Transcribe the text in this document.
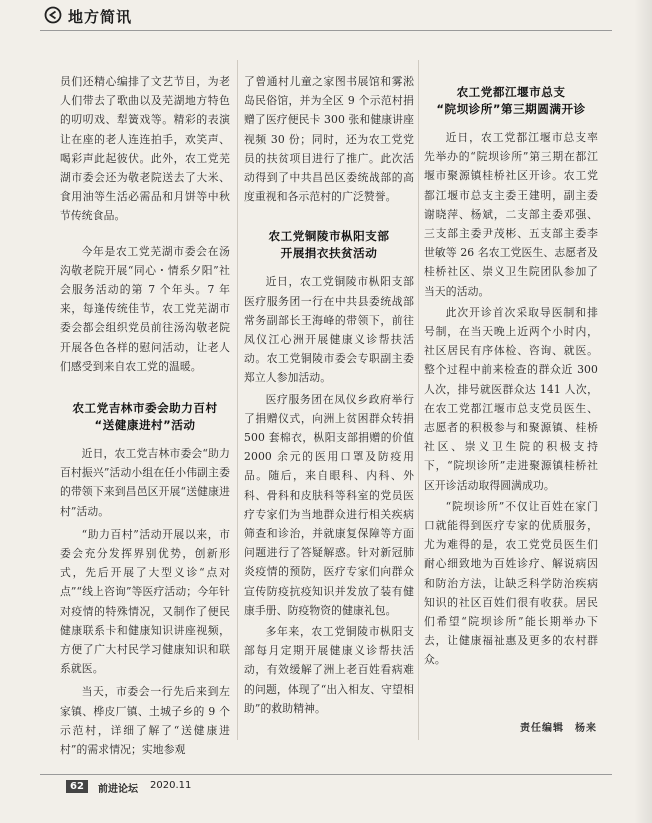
地方简讯

员们还精心编排了文艺节目，为老人们带去了歌曲以及芜湖地方特色的叨叨戏、犁簧戏等。精彩的表演让在座的老人连连拍手，欢笑声、喝彩声此起彼伏。此外，农工党芜湖市委会还为敬老院送去了大米、食用油等生活必需品和月饼等中秋节传统食品。

今年是农工党芜湖市委会在汤沟敬老院开展“同心・情系夕阳”社会服务活动的第 7 个年头。7 年来，每逢传统佳节，农工党芜湖市委会都会组织党员前往汤沟敬老院开展各色各样的慰问活动，让老人们感受到来自农工党的温暖。

农工党吉林市委会助力百村
“送健康进村”活动

近日，农工党吉林市委会“助力百村振兴”活动小组在任小伟副主委的带领下来到昌邑区开展“送健康进村”活动。

“助力百村”活动开展以来，市委会充分发挥界别优势，创新形式，先后开展了大型义诊“点对点”“线上咨询”等医疗活动；今年针对疫情的特殊情况，又制作了便民健康联系卡和健康知识讲座视频，方便了广大村民学习健康知识和联系就医。

当天，市委会一行先后来到左家镇、桦皮厂镇、土城子乡的 9 个示范村，详细了解了“送健康进村”的需求情况；实地参观

了曾通村儿童之家图书展馆和雾淞岛民俗馆，并为全区 9 个示范村捐赠了医疗便民卡 300 张和健康讲座视频 30 份；同时，还为农工党党员的扶贫项目进行了推广。此次活动得到了中共昌邑区委统战部的高度重视和各示范村的广泛赞誉。

农工党铜陵市枞阳支部
开展捐衣扶贫活动

近日，农工党铜陵市枞阳支部医疗服务团一行在中共县委统战部常务副部长王海峰的带领下，前往凤仪江心洲开展健康义诊帮扶活动。农工党铜陵市委会专职副主委郑立人参加活动。

医疗服务团在凤仪乡政府举行了捐赠仪式，向洲上贫困群众转捐 500 套棉衣，枞阳支部捐赠的价值 2000 余元的医用口罩及防疫用品。随后，来自眼科、内科、外科、骨科和皮肤科等科室的党员医疗专家们为当地群众进行相关疾病筛查和诊治，并就康复保障等方面问题进行了答疑解惑。针对新冠肺炎疫情的预防，医疗专家们向群众宣传防疫抗疫知识并发放了装有健康手册、防疫物资的健康礼包。

多年来，农工党铜陵市枞阳支部每月定期开展健康义诊帮扶活动，有效缓解了洲上老百姓看病难的问题，体现了“出入相友、守望相助”的救助精神。

农工党都江堰市总支
“院坝诊所”第三期圆满开诊

近日，农工党都江堰市总支率先举办的“院坝诊所”第三期在都江堰市聚源镇桂桥社区开诊。农工党都江堰市总支主委王建明，副主委谢晓萍、杨斌，二支部主委邓强、三支部主委尹茂彬、五支部主委李世敏等 26 名农工党医生、志愿者及桂桥社区、崇义卫生院团队参加了当天的活动。

此次开诊首次采取导医制和排号制，在当天晚上近两个小时内，社区居民有序体检、咨询、就医。整个过程中前来检查的群众近 300 人次，排号就医群众达 141 人次，在农工党都江堰市总支党员医生、志愿者的积极参与和聚源镇、桂桥社区、崇义卫生院的积极支持下，“院坝诊所”走进聚源镇桂桥社区开诊活动取得圆满成功。

“院坝诊所”不仅让百姓在家门口就能得到医疗专家的优质服务，尤为难得的是，农工党党员医生们耐心细致地为百姓诊疗、解说病因和防治方法，让缺乏科学防治疾病知识的社区百姓们很有收获。居民们希望“院坝诊所”能长期举办下去，让健康福祉惠及更多的农村群众。

责任编辑　杨来
62	前进论坛 2020.11
